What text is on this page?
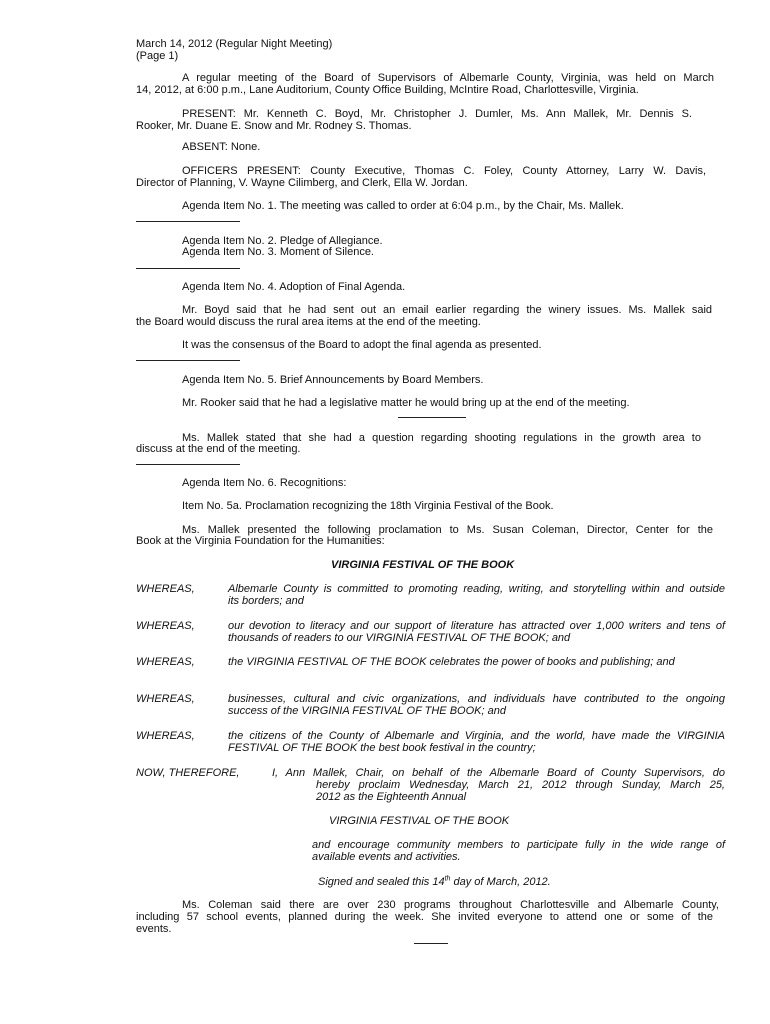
March 14, 2012 (Regular Night Meeting)
(Page 1)
A regular meeting of the Board of Supervisors of Albemarle County, Virginia, was held on March
14, 2012, at 6:00 p.m., Lane Auditorium, County Office Building, McIntire Road, Charlottesville, Virginia.
PRESENT: Mr. Kenneth C. Boyd, Mr. Christopher J. Dumler, Ms. Ann Mallek, Mr. Dennis S.
Rooker, Mr. Duane E. Snow and Mr. Rodney S. Thomas.
ABSENT: None.
OFFICERS PRESENT: County Executive, Thomas C. Foley, County Attorney, Larry W. Davis,
Director of Planning, V. Wayne Cilimberg, and Clerk, Ella W. Jordan.
Agenda Item No. 1. The meeting was called to order at 6:04 p.m., by the Chair, Ms. Mallek.
Agenda Item No. 2. Pledge of Allegiance.
Agenda Item No. 3. Moment of Silence.
Agenda Item No. 4. Adoption of Final Agenda.
Mr. Boyd said that he had sent out an email earlier regarding the winery issues. Ms. Mallek said
the Board would discuss the rural area items at the end of the meeting.
It was the consensus of the Board to adopt the final agenda as presented.
Agenda Item No. 5. Brief Announcements by Board Members.
Mr. Rooker said that he had a legislative matter he would bring up at the end of the meeting.
Ms. Mallek stated that she had a question regarding shooting regulations in the growth area to
discuss at the end of the meeting.
Agenda Item No. 6. Recognitions:
Item No. 5a. Proclamation recognizing the 18th Virginia Festival of the Book.
Ms. Mallek presented the following proclamation to Ms. Susan Coleman, Director, Center for the
Book at the Virginia Foundation for the Humanities:
VIRGINIA FESTIVAL OF THE BOOK
WHEREAS,	Albemarle County is committed to promoting reading, writing, and storytelling within and outside
its borders; and
WHEREAS,	our devotion to literacy and our support of literature has attracted over 1,000 writers and tens of
thousands of readers to our VIRGINIA FESTIVAL OF THE BOOK; and
WHEREAS,	the VIRGINIA FESTIVAL OF THE BOOK celebrates the power of books and publishing; and
WHEREAS,	businesses, cultural and civic organizations, and individuals have contributed to the ongoing
success of the VIRGINIA FESTIVAL OF THE BOOK; and
WHEREAS,	the citizens of the County of Albemarle and Virginia, and the world, have made the VIRGINIA
FESTIVAL OF THE BOOK the best book festival in the country;
NOW, THEREFORE,	I, Ann Mallek, Chair, on behalf of the Albemarle Board of County Supervisors, do
hereby proclaim Wednesday, March 21, 2012 through Sunday, March 25,
2012 as the Eighteenth Annual
VIRGINIA FESTIVAL OF THE BOOK
and encourage community members to participate fully in the wide range of
available events and activities.
Signed and sealed this 14th day of March, 2012.
Ms. Coleman said there are over 230 programs throughout Charlottesville and Albemarle County,
including 57 school events, planned during the week. She invited everyone to attend one or some of the
events.
